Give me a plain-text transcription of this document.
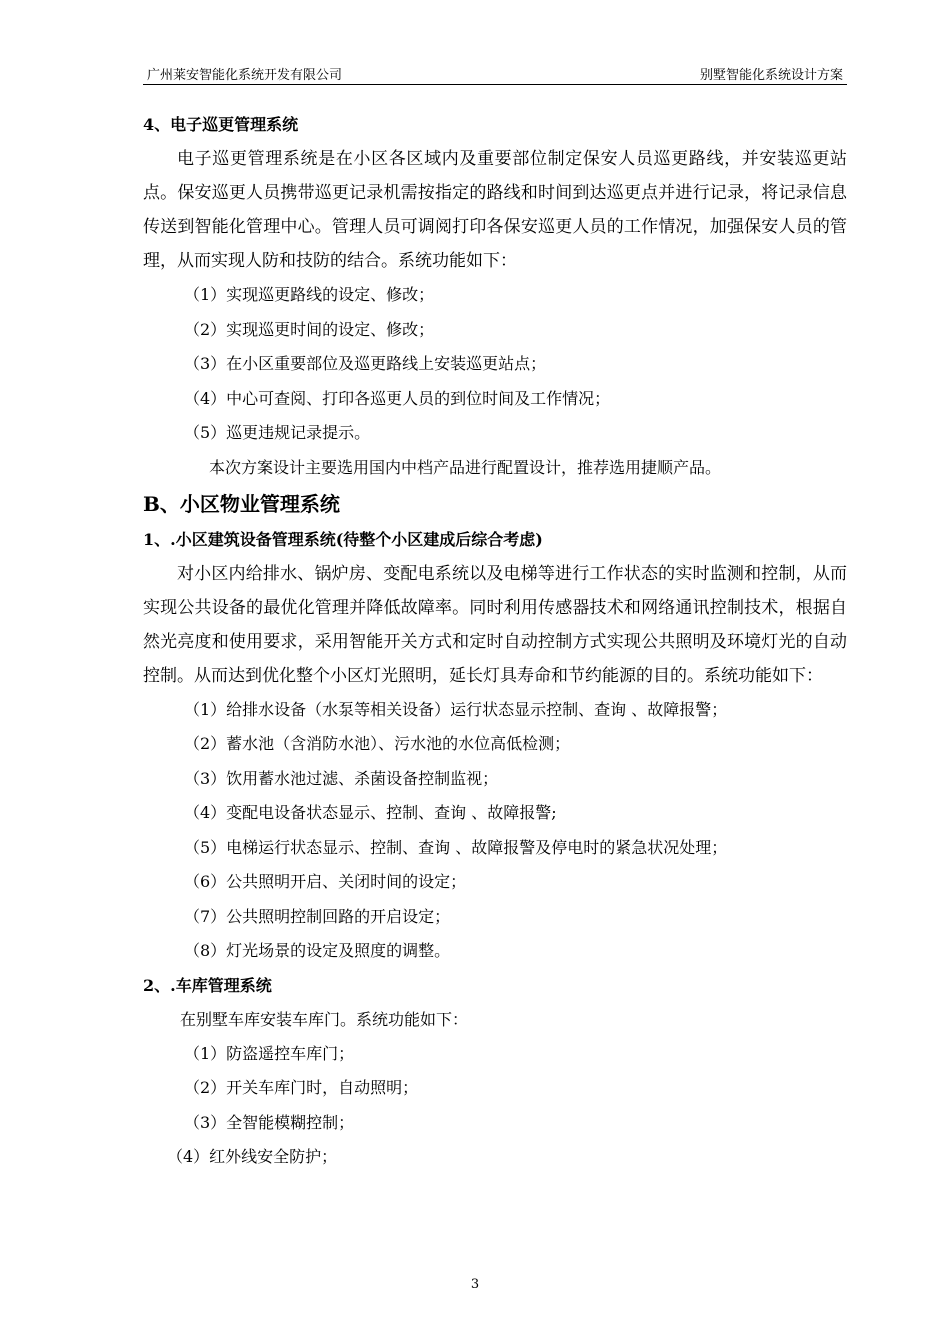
广州莱安智能化系统开发有限公司	别墅智能化系统设计方案

4、电子巡更管理系统

电子巡更管理系统是在小区各区域内及重要部位制定保安人员巡更路线，并安装巡更站点。保安巡更人员携带巡更记录机需按指定的路线和时间到达巡更点并进行记录，将记录信息传送到智能化管理中心。管理人员可调阅打印各保安巡更人员的工作情况，加强保安人员的管理，从而实现人防和技防的结合。系统功能如下：

（1）实现巡更路线的设定、修改；

（2）实现巡更时间的设定、修改；

（3）在小区重要部位及巡更路线上安装巡更站点；

（4）中心可查阅、打印各巡更人员的到位时间及工作情况；

（5）巡更违规记录提示。

本次方案设计主要选用国内中档产品进行配置设计，推荐选用捷顺产品。

B、小区物业管理系统

1、.小区建筑设备管理系统(待整个小区建成后综合考虑)

对小区内给排水、锅炉房、变配电系统以及电梯等进行工作状态的实时监测和控制，从而实现公共设备的最优化管理并降低故障率。同时利用传感器技术和网络通讯控制技术，根据自然光亮度和使用要求，采用智能开关方式和定时自动控制方式实现公共照明及环境灯光的自动控制。从而达到优化整个小区灯光照明，延长灯具寿命和节约能源的目的。系统功能如下：

（1）给排水设备（水泵等相关设备）运行状态显示控制、查询 、故障报警；

（2）蓄水池（含消防水池）、污水池的水位高低检测；

（3）饮用蓄水池过滤、杀菌设备控制监视；

（4）变配电设备状态显示、控制、查询 、故障报警;

（5）电梯运行状态显示、控制、查询 、故障报警及停电时的紧急状况处理；

（6）公共照明开启、关闭时间的设定；

（7）公共照明控制回路的开启设定；

（8）灯光场景的设定及照度的调整。

2、.车库管理系统

在别墅车库安装车库门。系统功能如下：

（1）防盗遥控车库门；

（2）开关车库门时，自动照明；

（3）全智能模糊控制；

（4）红外线安全防护；

3
